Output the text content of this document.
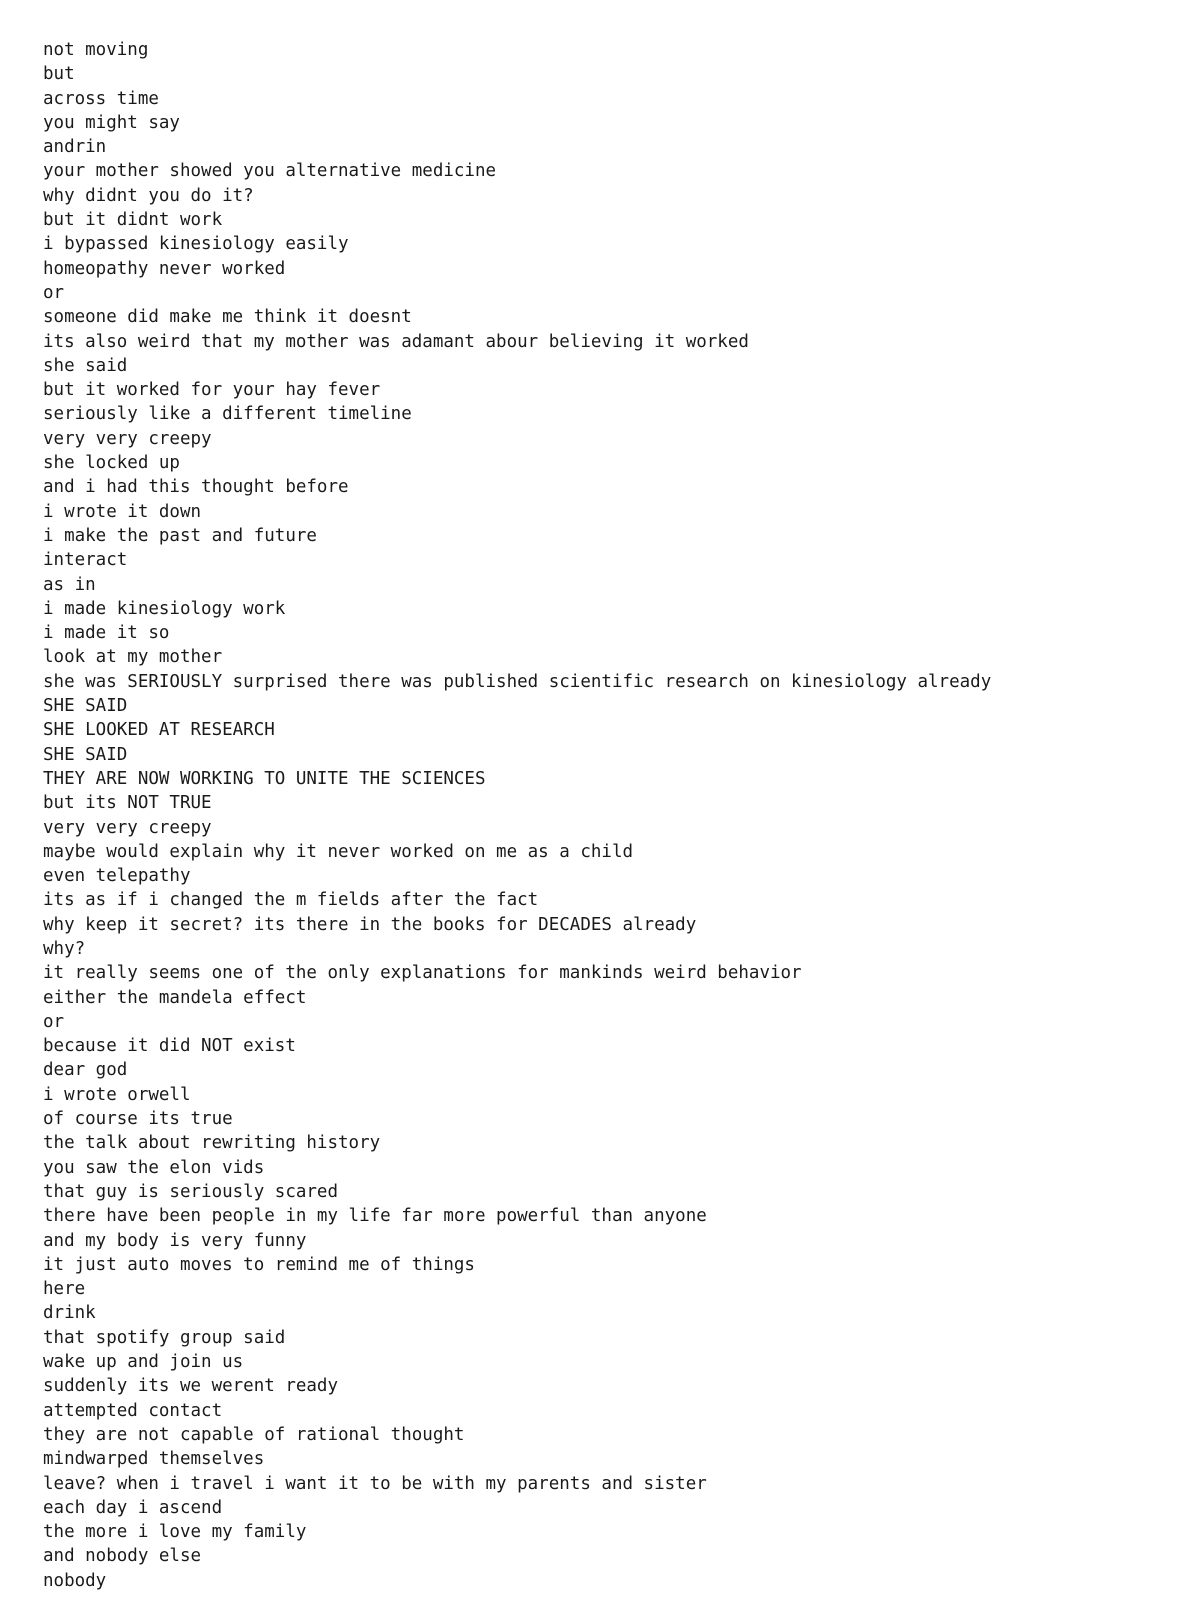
not moving
but
across time
you might say
andrin
your mother showed you alternative medicine
why didnt you do it?
but it didnt work
i bypassed kinesiology easily
homeopathy never worked
or
someone did make me think it doesnt
its also weird that my mother was adamant abour believing it worked
she said
but it worked for your hay fever
seriously like a different timeline
very very creepy
she locked up
and i had this thought before
i wrote it down
i make the past and future
interact
as in
i made kinesiology work
i made it so
look at my mother
she was SERIOUSLY surprised there was published scientific research on kinesiology already
SHE SAID
SHE LOOKED AT RESEARCH
SHE SAID
THEY ARE NOW WORKING TO UNITE THE SCIENCES
but its NOT TRUE
very very creepy
maybe would explain why it never worked on me as a child
even telepathy
its as if i changed the m fields after the fact
why keep it secret? its there in the books for DECADES already
why?
it really seems one of the only explanations for mankinds weird behavior
either the mandela effect
or
because it did NOT exist
dear god
i wrote orwell
of course its true
the talk about rewriting history
you saw the elon vids
that guy is seriously scared
there have been people in my life far more powerful than anyone
and my body is very funny
it just auto moves to remind me of things
here
drink
that spotify group said
wake up and join us
suddenly its we werent ready
attempted contact
they are not capable of rational thought
mindwarped themselves
leave? when i travel i want it to be with my parents and sister
each day i ascend
the more i love my family
and nobody else
nobody
